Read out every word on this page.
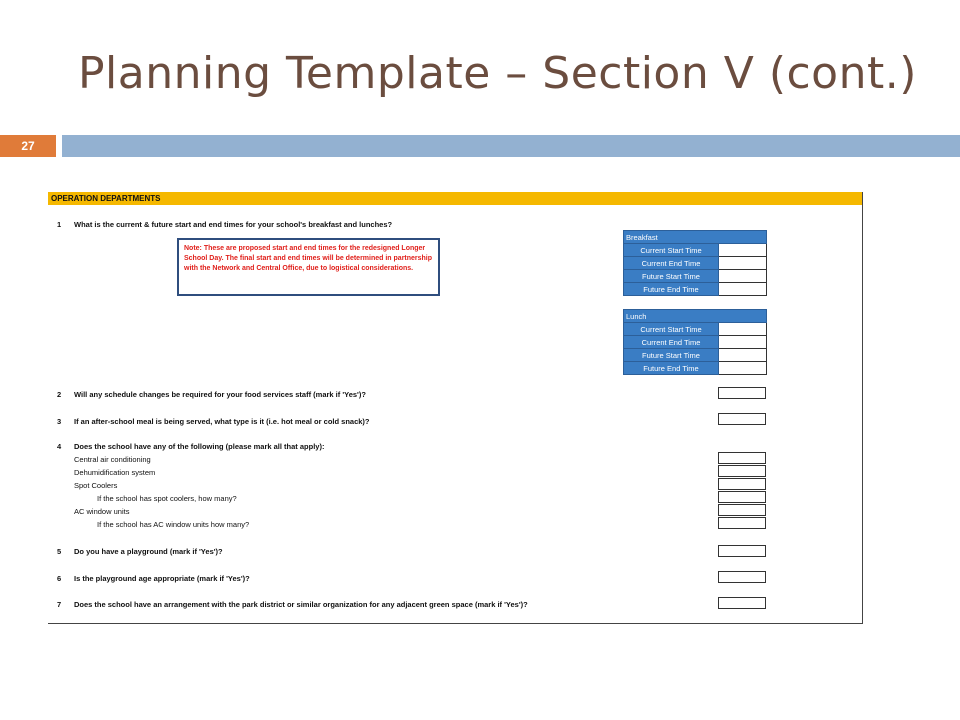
Planning Template – Section V (cont.)
27
OPERATION DEPARTMENTS
1 What is the current & future start and end times for your school's breakfast and lunches?
Note: These are proposed start and end times for the redesigned Longer School Day. The final start and end times will be determined in partnership with the Network and Central Office, due to logistical considerations.
Breakfast	
Current Start Time	
Current End Time	
Future Start Time	
Future End Time	
Lunch	
Current Start Time	
Current End Time	
Future Start Time	
Future End Time	
2 Will any schedule changes be required for your food services staff (mark if 'Yes')?
3 If an after-school meal is being served, what type is it (i.e. hot meal or cold snack)?
4 Does the school have any of the following (please mark all that apply):
Central air conditioning
Dehumidification system
Spot Coolers
If the school has spot coolers, how many?
AC window units
If the school has AC window units how many?
5 Do you have a playground (mark if 'Yes')?
6 Is the playground age appropriate (mark if 'Yes')?
7 Does the school have an arrangement with the park district or similar organization for any adjacent green space (mark if 'Yes')?
